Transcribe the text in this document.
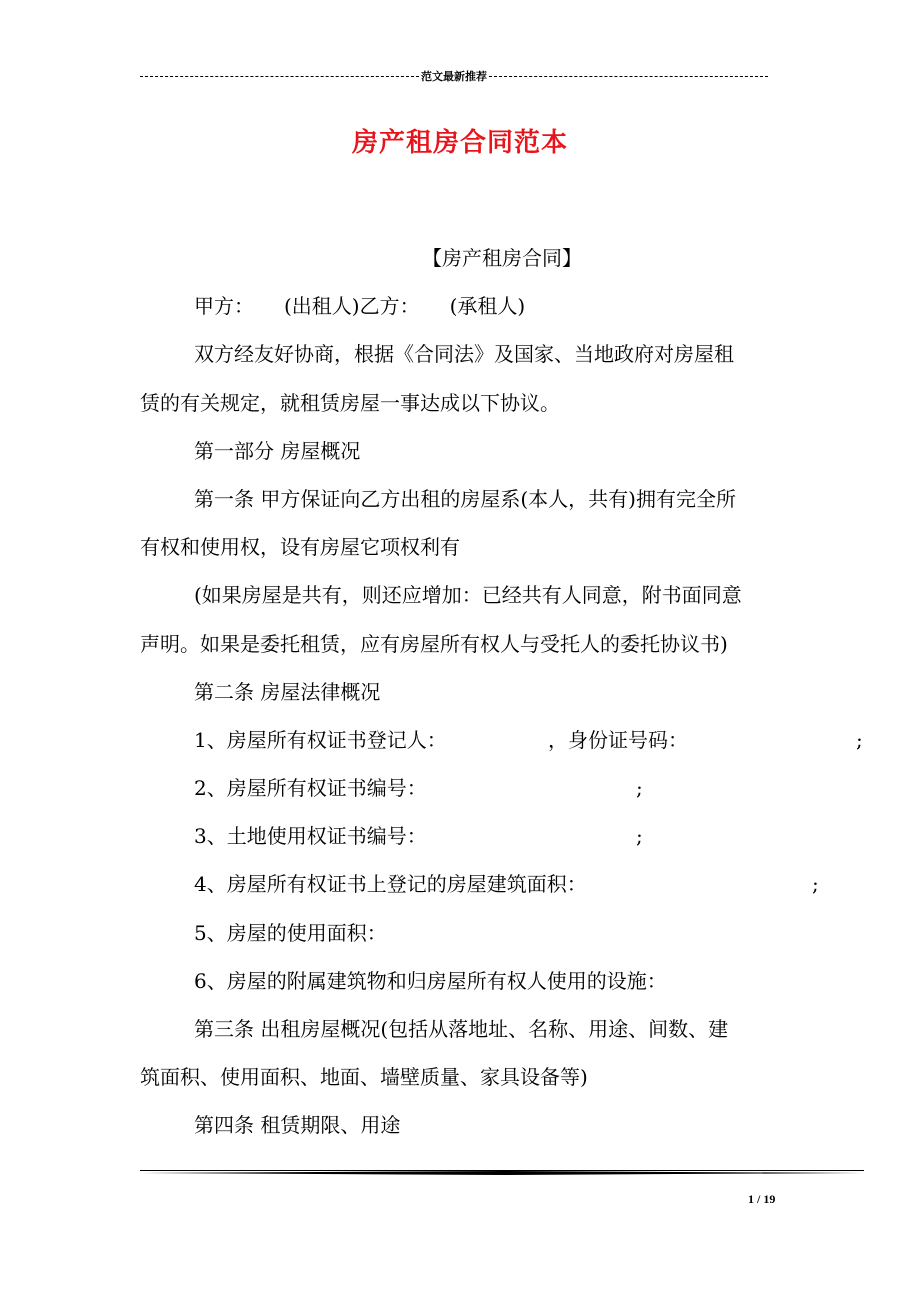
范文最新推荐
房产租房合同范本
【房产租房合同】
甲方：　　(出租人)乙方：　　(承租人)
双方经友好协商，根据《合同法》及国家、当地政府对房屋租
赁的有关规定，就租赁房屋一事达成以下协议。
第一部分 房屋概况
第一条 甲方保证向乙方出租的房屋系(本人，共有)拥有完全所
有权和使用权，设有房屋它项权利有
(如果房屋是共有，则还应增加：已经共有人同意，附书面同意
声明。如果是委托租赁，应有房屋所有权人与受托人的委托协议书)
第二条 房屋法律概况
1、房屋所有权证书登记人：	，身份证号码：	;
2、房屋所有权证书编号：	;
3、土地使用权证书编号：	;
4、房屋所有权证书上登记的房屋建筑面积：	;
5、房屋的使用面积：
6、房屋的附属建筑物和归房屋所有权人使用的设施：
第三条 出租房屋概况(包括从落地址、名称、用途、间数、建
筑面积、使用面积、地面、墙壁质量、家具设备等)
第四条 租赁期限、用途
1 / 19
